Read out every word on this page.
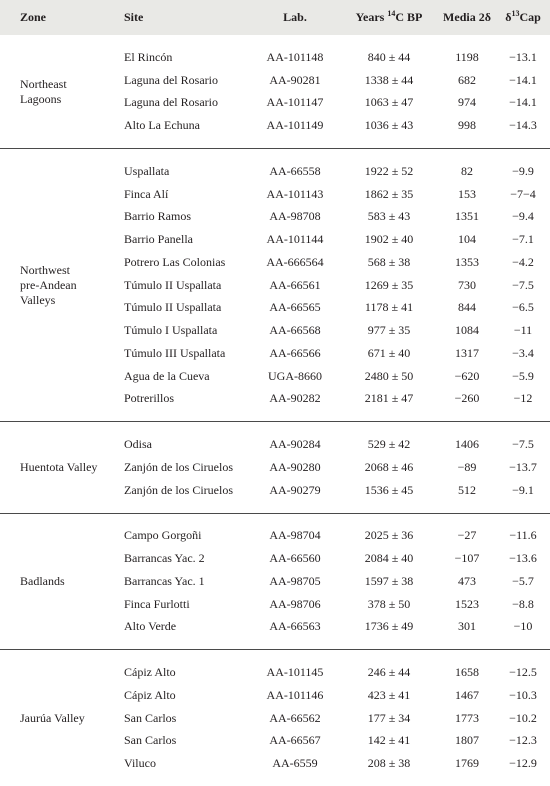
Zone	Site	Lab.	Years $^{14}$C BP	Media 2δ	$\delta^{13}Cap$

Northeast
Lagoons	El Rincón	AA-101148	840 ± 44	1198	−13.1
	Laguna del Rosario	AA-90281	1338 ± 44	682	−14.1
	Laguna del Rosario	AA-101147	1063 ± 47	974	−14.1
	Alto La Echuna	AA-101149	1036 ± 43	998	−14.3

Northwest
pre-Andean
Valleys	Uspallata	AA-66558	1922 ± 52	82	−9.9
	Finca Alí	AA-101143	1862 ± 35	153	−7−4
	Barrio Ramos	AA-98708	583 ± 43	1351	−9.4
	Barrio Panella	AA-101144	1902 ± 40	104	−7.1
	Potrero Las Colonias	AA-666564	568 ± 38	1353	−4.2
	Túmulo II Uspallata	AA-66561	1269 ± 35	730	−7.5
	Túmulo II Uspallata	AA-66565	1178 ± 41	844	−6.5
	Túmulo I Uspallata	AA-66568	977 ± 35	1084	−11
	Túmulo III Uspallata	AA-66566	671 ± 40	1317	−3.4
	Agua de la Cueva	UGA-8660	2480 ± 50	−620	−5.9
	Potrerillos	AA-90282	2181 ± 47	−260	−12

Huentota Valley	Odisa	AA-90284	529 ± 42	1406	−7.5
	Zanjón de los Ciruelos	AA-90280	2068 ± 46	−89	−13.7
	Zanjón de los Ciruelos	AA-90279	1536 ± 45	512	−9.1

Badlands	Campo Gorgoñi	AA-98704	2025 ± 36	−27	−11.6
	Barrancas Yac. 2	AA-66560	2084 ± 40	−107	−13.6
	Barrancas Yac. 1	AA-98705	1597 ± 38	473	−5.7
	Finca Furlotti	AA-98706	378 ± 50	1523	−8.8
	Alto Verde	AA-66563	1736 ± 49	301	−10

Jaurúa Valley	Cápiz Alto	AA-101145	246 ± 44	1658	−12.5
	Cápiz Alto	AA-101146	423 ± 41	1467	−10.3
	San Carlos	AA-66562	177 ± 34	1773	−10.2
	San Carlos	AA-66567	142 ± 41	1807	−12.3
	Viluco	AA-6559	208 ± 38	1769	−12.9
